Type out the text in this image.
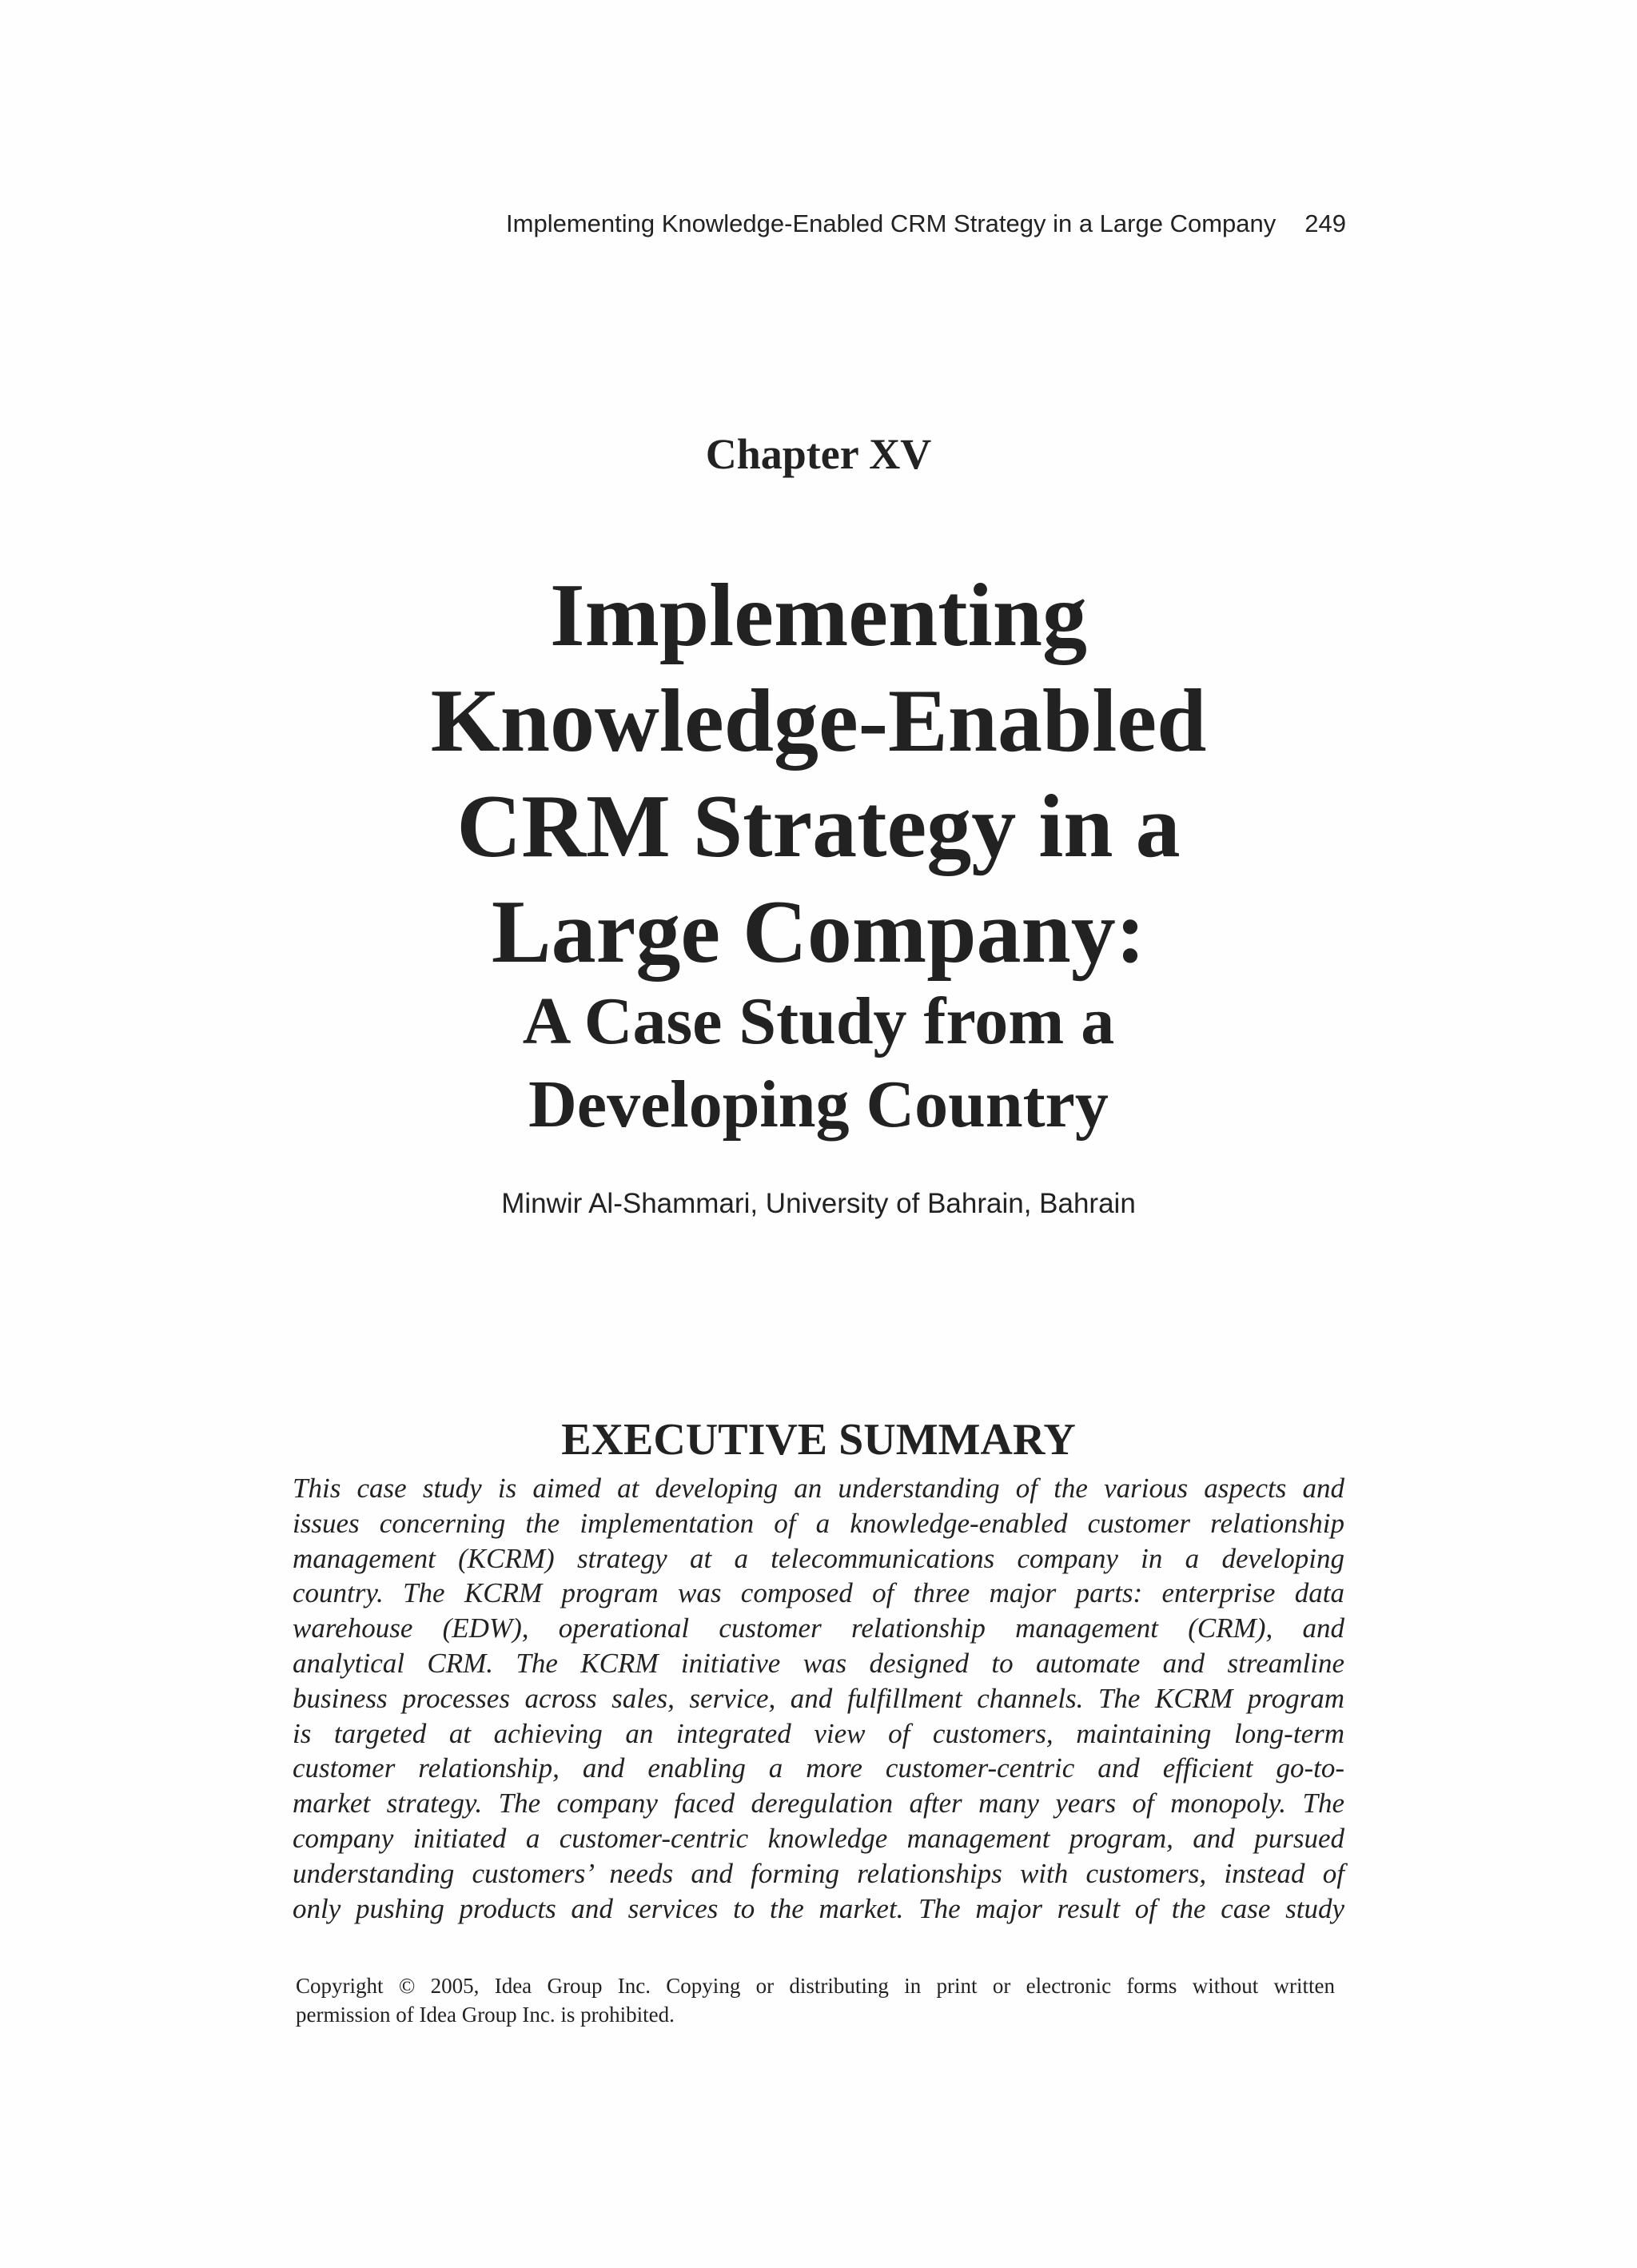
Implementing Knowledge-Enabled CRM Strategy in a Large Company 249
Chapter XV
Implementing
Knowledge-Enabled
CRM Strategy in a
Large Company:
A Case Study from a
Developing Country
Minwir Al-Shammari, University of Bahrain, Bahrain
EXECUTIVE SUMMARY

This case study is aimed at developing an understanding of the various aspects and
issues concerning the implementation of a knowledge-enabled customer relationship
management (KCRM) strategy at a telecommunications company in a developing
country. The KCRM program was composed of three major parts: enterprise data
warehouse (EDW), operational customer relationship management (CRM), and
analytical CRM. The KCRM initiative was designed to automate and streamline
business processes across sales, service, and fulfillment channels. The KCRM program
is targeted at achieving an integrated view of customers, maintaining long-term
customer relationship, and enabling a more customer-centric and efficient go-to-
market strategy. The company faced deregulation after many years of monopoly. The
company initiated a customer-centric knowledge management program, and pursued
understanding customers’ needs and forming relationships with customers, instead of
only pushing products and services to the market. The major result of the case study

Copyright © 2005, Idea Group Inc. Copying or distributing in print or electronic forms without written
permission of Idea Group Inc. is prohibited.
